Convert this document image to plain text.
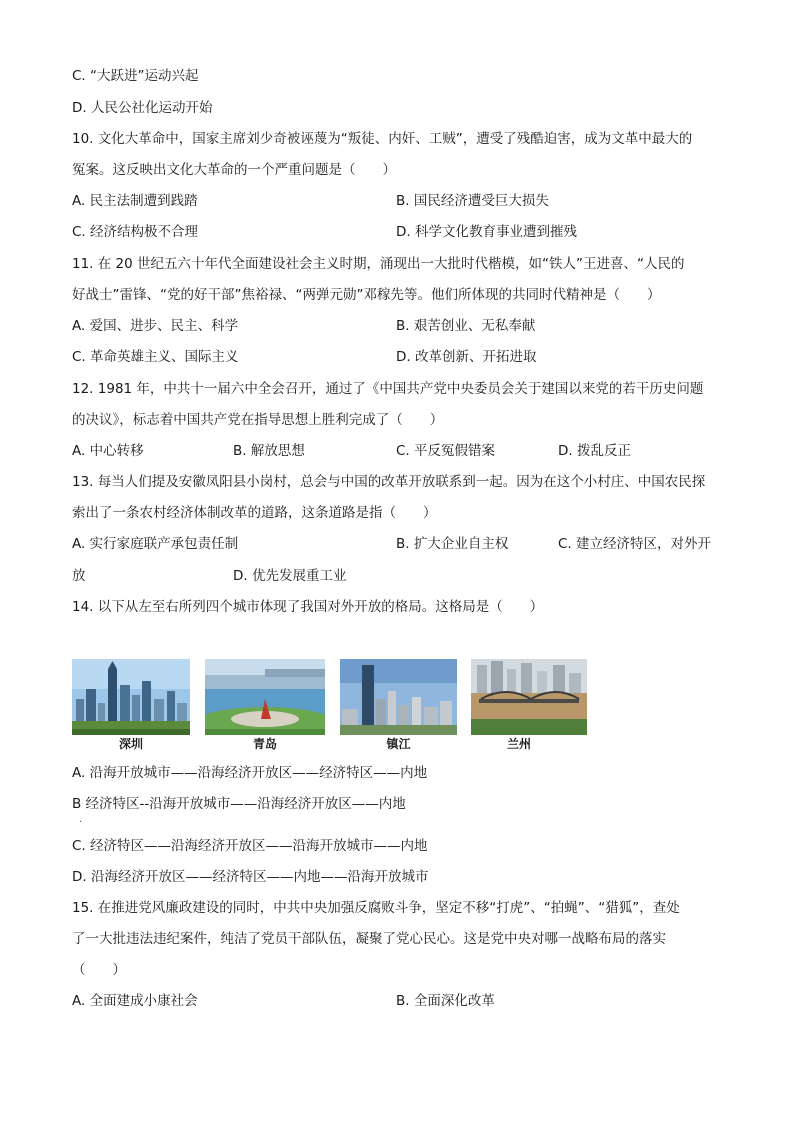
C. “大跃进”运动兴起
D. 人民公社化运动开始
10. 文化大革命中，国家主席刘少奇被诬蔑为“叛徒、内奸、工贼”，遭受了残酷迫害，成为文革中最大的
冤案。这反映出文化大革命的一个严重问题是（　　）
A. 民主法制遭到践踏	B. 国民经济遭受巨大损失
C. 经济结构极不合理	D. 科学文化教育事业遭到摧残
11. 在 20 世纪五六十年代全面建设社会主义时期，涌现出一大批时代楷模，如“铁人”王进喜、“人民的
好战士”雷锋、“党的好干部”焦裕禄、“两弹元勋”邓稼先等。他们所体现的共同时代精神是（　　）
A. 爱国、进步、民主、科学	B. 艰苦创业、无私奉献
C. 革命英雄主义、国际主义	D. 改革创新、开拓进取
12. 1981 年，中共十一届六中全会召开，通过了《中国共产党中央委员会关于建国以来党的若干历史问题
的决议》，标志着中国共产党在指导思想上胜利完成了（　　）
A. 中心转移	B. 解放思想	C. 平反冤假错案	D. 拨乱反正
13. 每当人们提及安徽凤阳县小岗村，总会与中国的改革开放联系到一起。因为在这个小村庄、中国农民探
索出了一条农村经济体制改革的道路，这条道路是指（　　）
A. 实行家庭联产承包责任制	B. 扩大企业自主权	C. 建立经济特区，对外开
放	D. 优先发展重工业
14. 以下从左至右所列四个城市体现了我国对外开放的格局。这格局是（　　）
深圳	青岛	镇江	兰州
A. 沿海开放城市——沿海经济开放区——经济特区——内地
B 经济特区--沿海开放城市——沿海经济开放区——内地
.
C. 经济特区——沿海经济开放区——沿海开放城市——内地
D. 沿海经济开放区——经济特区——内地——沿海开放城市
15. 在推进党风廉政建设的同时，中共中央加强反腐败斗争，坚定不移“打虎”、“拍蝇”、“猎狐”，查处
了一大批违法违纪案件，纯洁了党员干部队伍，凝聚了党心民心。这是党中央对哪一战略布局的落实
（　　）
A. 全面建成小康社会	B. 全面深化改革
